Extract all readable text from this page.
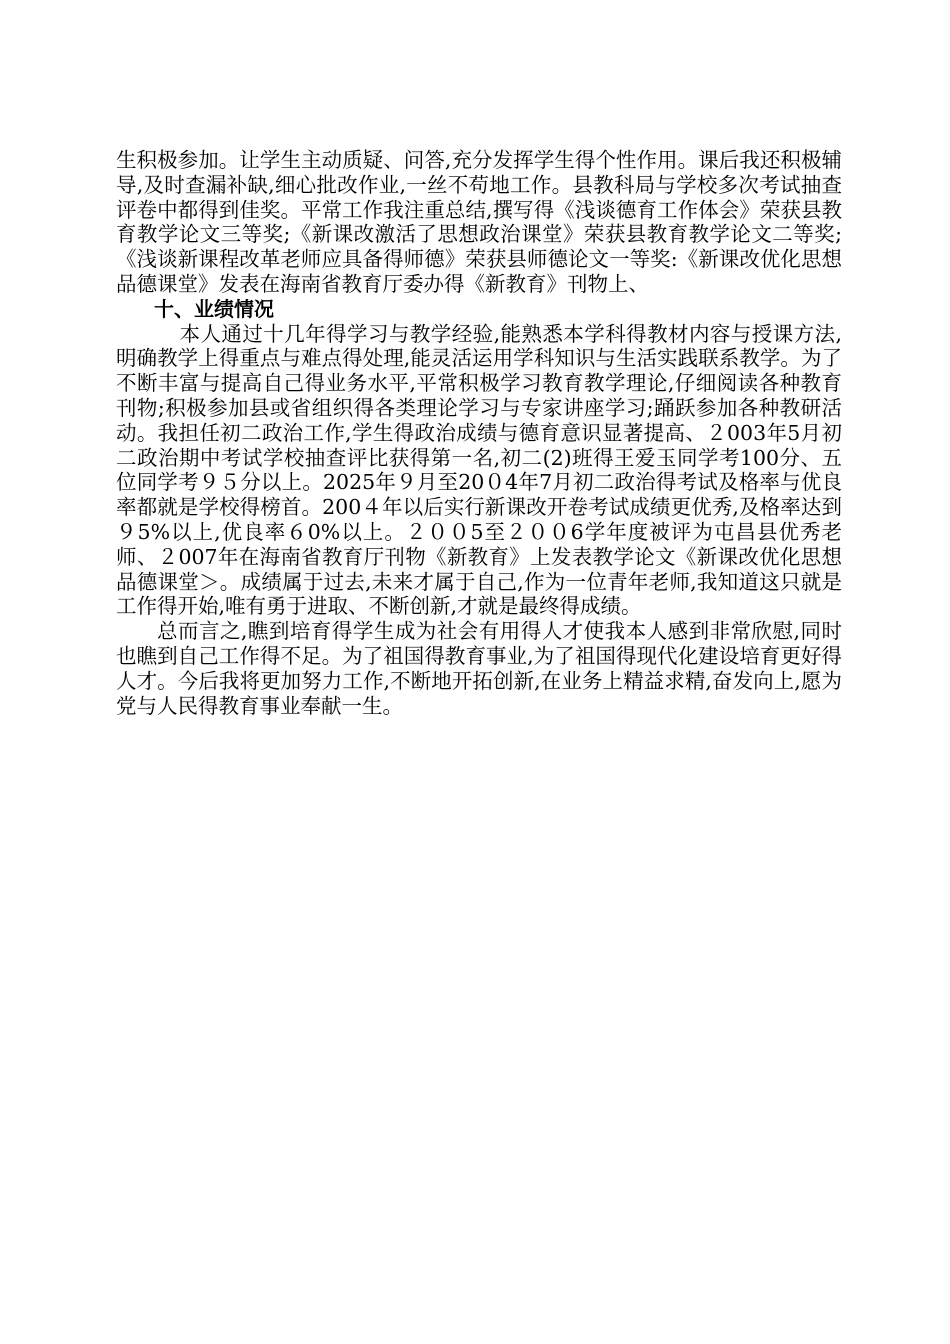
生积极参加。让学生主动质疑、问答,充分发挥学生得个性作用。课后我还积极辅导,及时查漏补缺,细心批改作业,一丝不苟地工作。县教科局与学校多次考试抽查评卷中都得到佳奖。平常工作我注重总结,撰写得《浅谈德育工作体会》荣获县教育教学论文三等奖;《新课改激活了思想政治课堂》荣获县教育教学论文二等奖;《浅谈新课程改革老师应具备得师德》荣获县师德论文一等奖:《新课改优化思想品德课堂》发表在海南省教育厅委办得《新教育》刊物上、

十、业绩情况

本人通过十几年得学习与教学经验,能熟悉本学科得教材内容与授课方法,明确教学上得重点与难点得处理,能灵活运用学科知识与生活实践联系教学。为了不断丰富与提高自己得业务水平,平常积极学习教育教学理论,仔细阅读各种教育刊物;积极参加县或省组织得各类理论学习与专家讲座学习;踊跃参加各种教研活动。我担任初二政治工作,学生得政治成绩与德育意识显著提高、２003年5月初二政治期中考试学校抽查评比获得第一名,初二(2)班得王爱玉同学考100分、五位同学考９５分以上。2025年９月至20０4年7月初二政治得考试及格率与优良率都就是学校得榜首。200４年以后实行新课改开卷考试成绩更优秀,及格率达到９5%以上,优良率６0%以上。２００5至２００6学年度被评为屯昌县优秀老师、２007年在海南省教育厅刊物《新教育》上发表教学论文《新课改优化思想品德课堂＞。成绩属于过去,未来才属于自己,作为一位青年老师,我知道这只就是工作得开始,唯有勇于进取、不断创新,才就是最终得成绩。

总而言之,瞧到培育得学生成为社会有用得人才使我本人感到非常欣慰,同时也瞧到自己工作得不足。为了祖国得教育事业,为了祖国得现代化建设培育更好得人才。今后我将更加努力工作,不断地开拓创新,在业务上精益求精,奋发向上,愿为党与人民得教育事业奉献一生。
